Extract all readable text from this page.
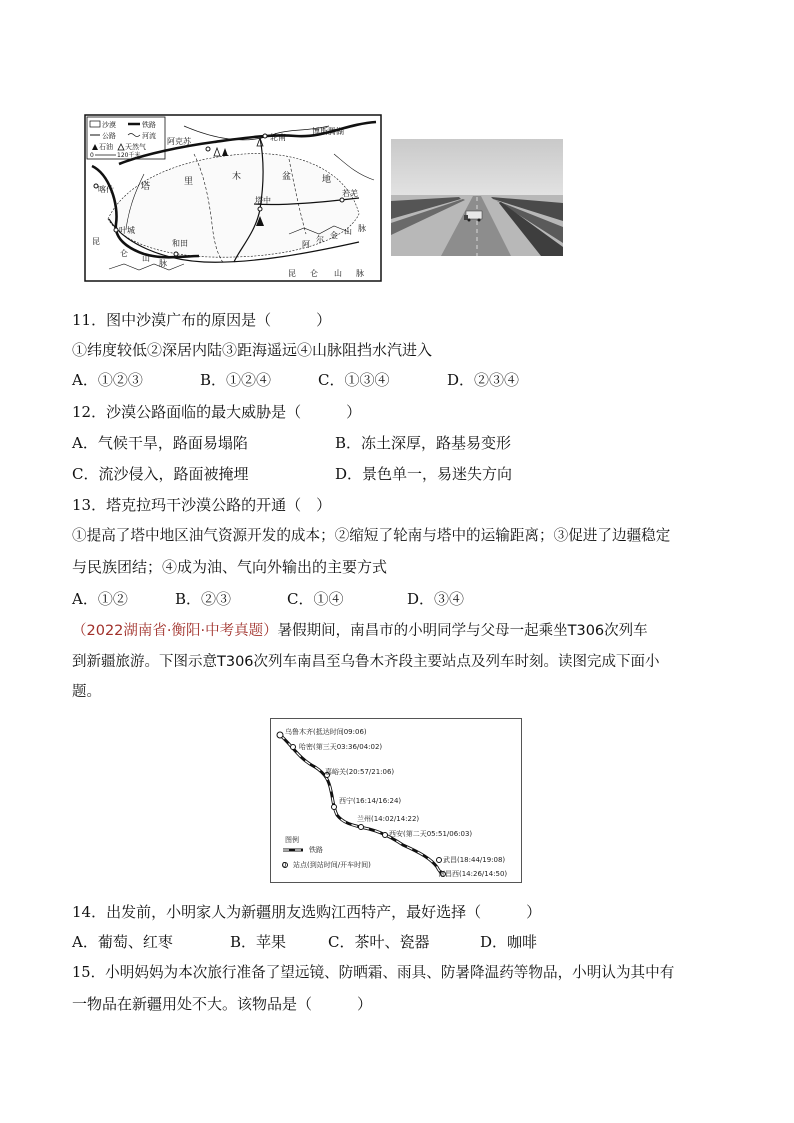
沙漠	铁路
公路	河流
石油 天然气
0	120千米
阿克苏	轮南
博斯腾湖
喀什
叶城
和田
塔中
若羌
塔	里	木	盆	地
昆
仑
山
脉
阿
尔 金 山 脉
昆 仑 山 脉
11．图中沙漠广布的原因是（　　　）
①纬度较低②深居内陆③距海遥远④山脉阻挡水汽进入
A．①②③	B．①②④	C．①③④	D．②③④
12．沙漠公路面临的最大威胁是（　　　）
A．气候干旱，路面易塌陷	B．冻土深厚，路基易变形
C．流沙侵入，路面被掩埋	D．景色单一，易迷失方向
13．塔克拉玛干沙漠公路的开通（　）
①提高了塔中地区油气资源开发的成本；②缩短了轮南与塔中的运输距离；③促进了边疆稳定
与民族团结；④成为油、气向外输出的主要方式
A．①②	B．②③	C．①④	D．③④
（2022湖南省·衡阳·中考真题）暑假期间，南昌市的小明同学与父母一起乘坐T306次列车
到新疆旅游。下图示意T306次列车南昌至乌鲁木齐段主要站点及列车时刻。读图完成下面小
题。
乌鲁木齐(抵达时间09:06)
哈密(第三天03:36/04:02)
嘉峪关(20:57/21:06)
西宁(16:14/16:24)
兰州(14:02/14:22)
西安(第二天05:51/06:03)
武昌(18:44/19:08)
南昌西(14:26/14:50)
图例
铁路
0 站点(到站时间/开车时间)
14．出发前，小明家人为新疆朋友选购江西特产，最好选择（　　　）
A．葡萄、红枣	B．苹果	C．茶叶、瓷器	D．咖啡
15．小明妈妈为本次旅行准备了望远镜、防晒霜、雨具、防暑降温药等物品，小明认为其中有
一物品在新疆用处不大。该物品是（　　　）
